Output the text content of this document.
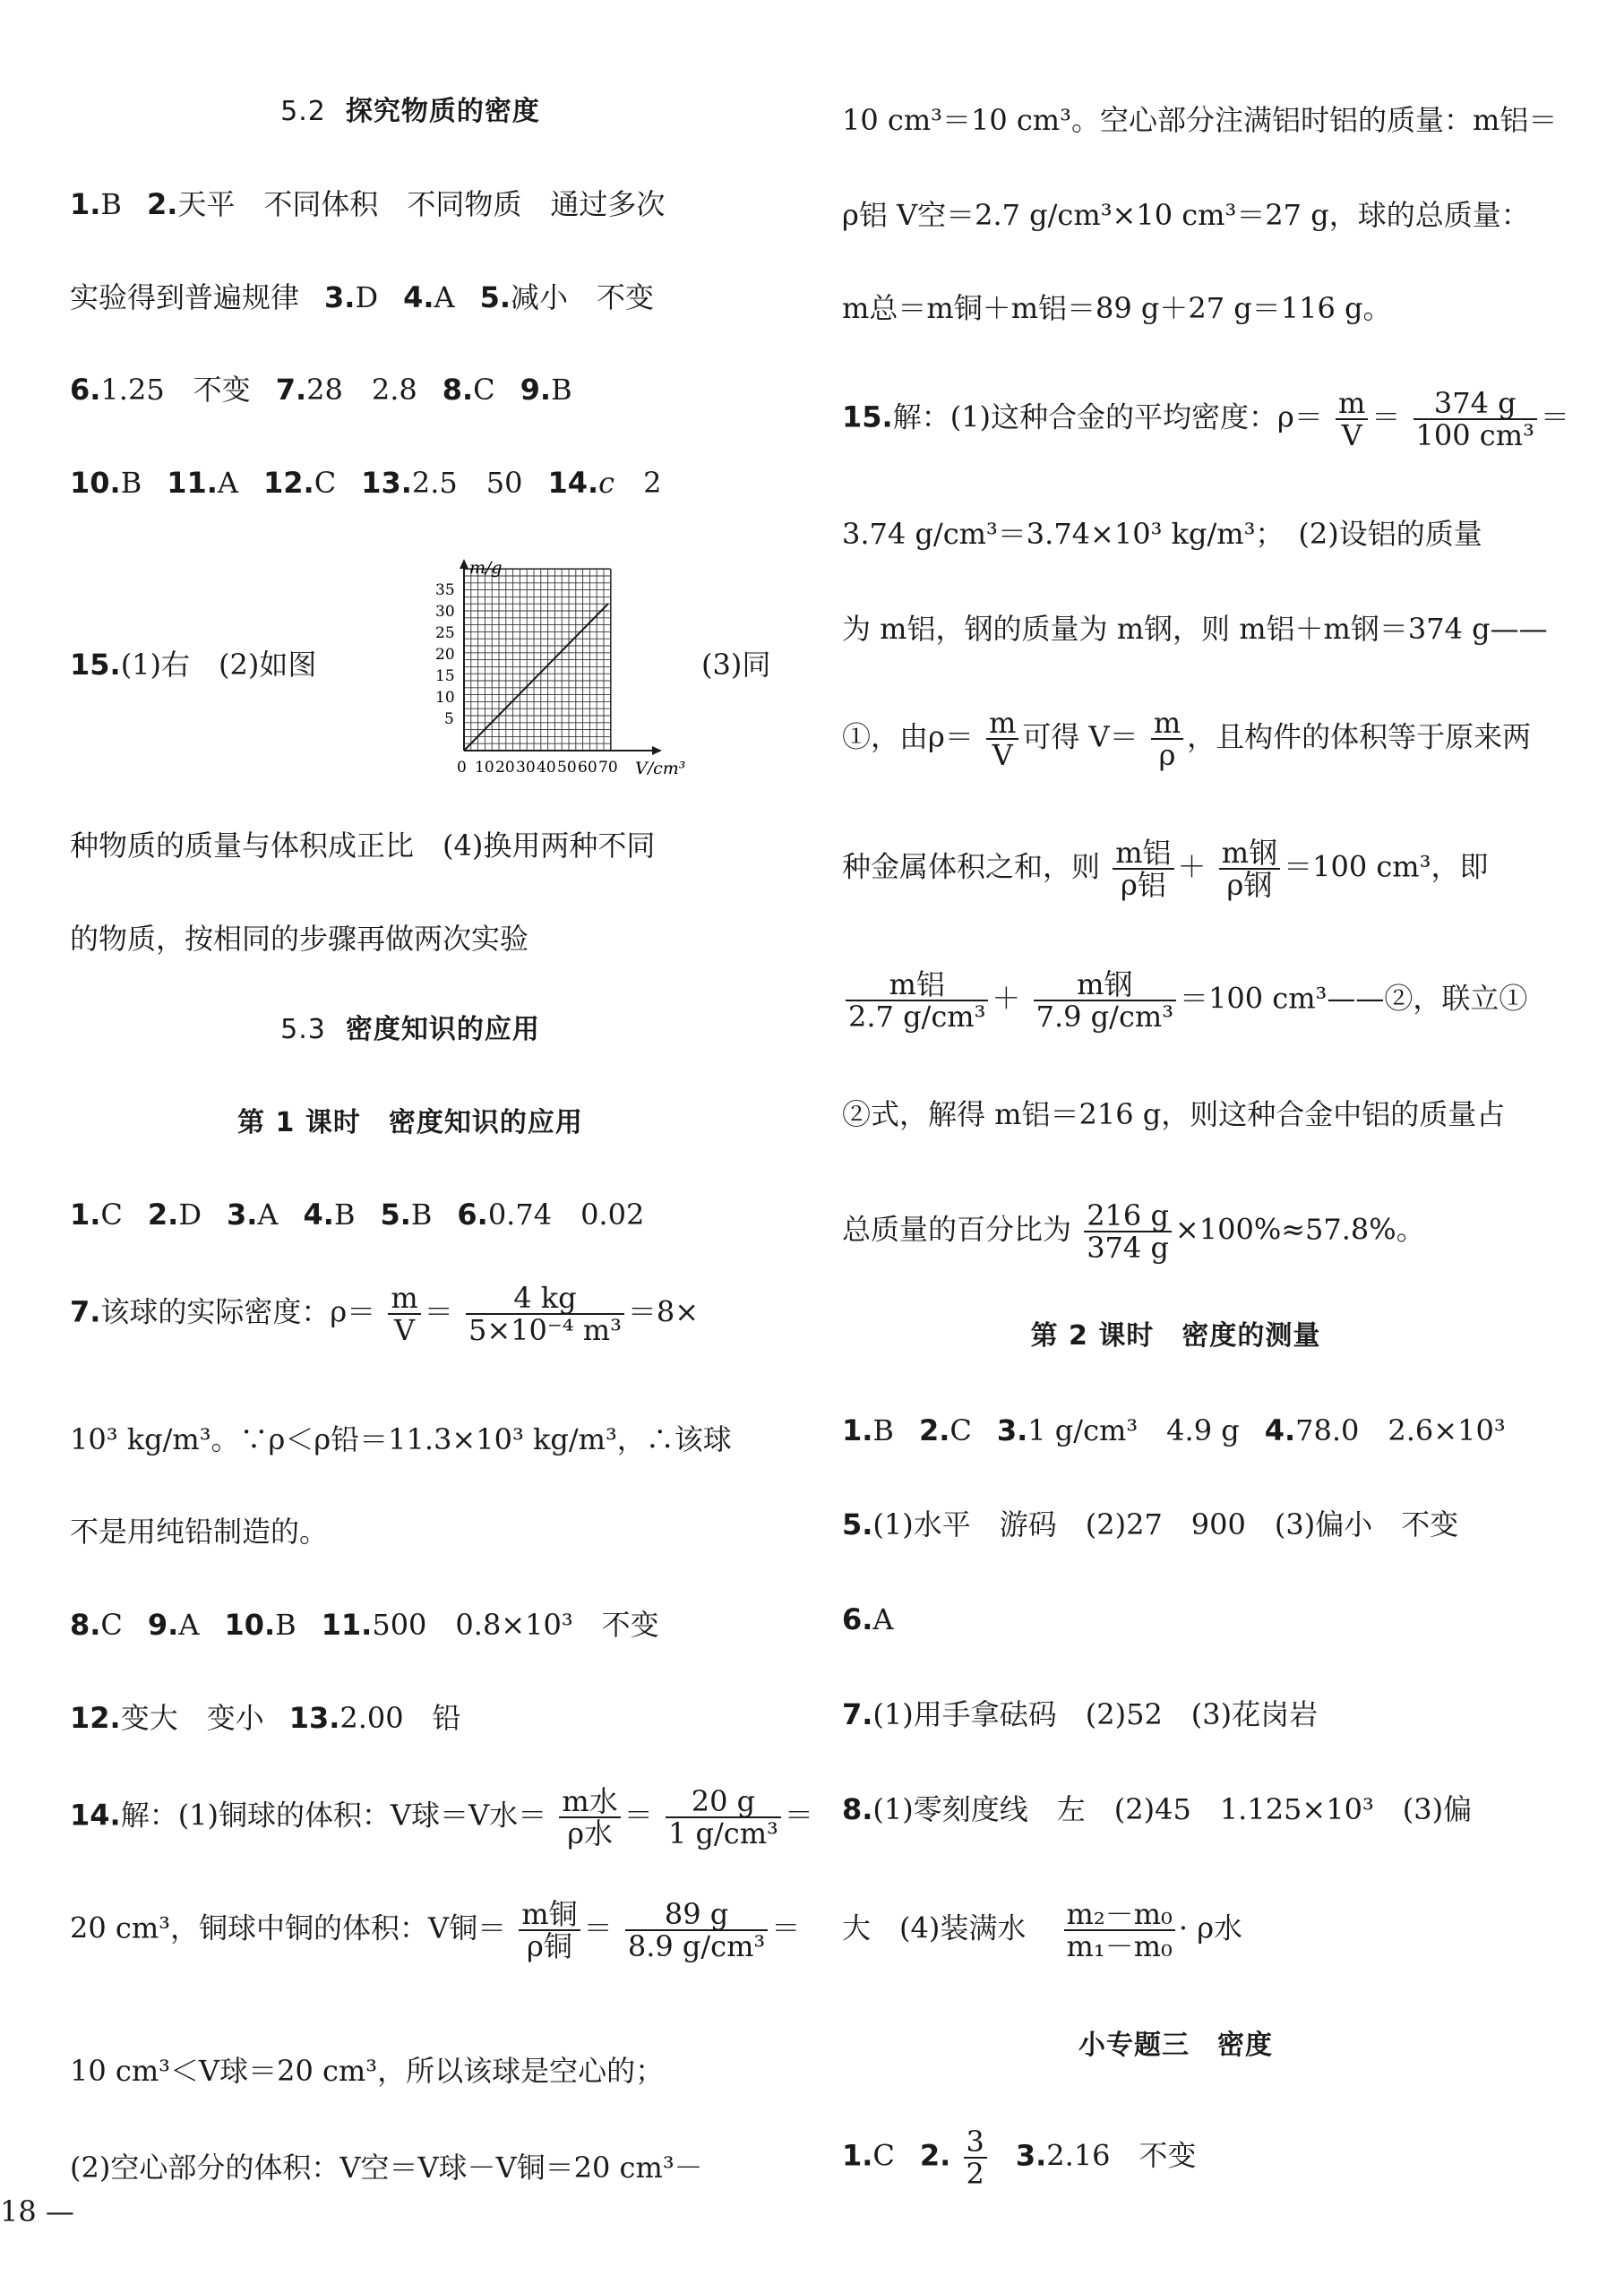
5.2 探究物质的密度
1.B 2.天平　不同体积　不同物质　通过多次
实验得到普遍规律 3.D 4.A 5.减小　不变
6.1.25　不变 7.28　2.8 8.C 9.B
10.B 11.A 12.C 13.2.5　50 14.c　 2
15.(1)右　(2)如图	(3)同
m/g
V/cm³
35
30
25
20
15
10
5
0 10 20 30 40 50 60 70
种物质的质量与体积成正比　(4)换用两种不同
的物质，按相同的步骤再做两次实验
5.3 密度知识的应用
第 1 课时　密度知识的应用
1.C 2.D 3.A 4.B 5.B 6.0.74　0.02
7.该球的实际密度：$\rho= \frac{m}{V} = \frac{4 kg}{\text{5×10⁻⁴ m³}} =8\times$
10³ kg/m³。∵ρ＜ρ铅＝11.3×10³ kg/m³，∴该球
不是用纯铅制造的。
8.C 9.A 10.B 11.500　0.8×10³　不变
12.变大　变小 13.2.00　铅
14.解：(1)铜球的体积：V球＝V水＝ $\frac{\text{m水}}{\text{ρ水}} = \frac{20 g}{\text{1 g/cm³}}$ ＝
20 cm³，铜球中铜的体积：V铜＝ $\frac{\text{m铜}}{\text{ρ铜}} = \frac{89 g}{\text{8.9 g/cm³}}$ ＝
10 cm³＜V球＝20 cm³，所以该球是空心的；
(2)空心部分的体积：V空＝V球－V铜＝20 cm³－
10 cm³＝10 cm³。空心部分注满铝时铝的质量：m铝＝
ρ铝 V空＝2.7 g/cm³×10 cm³＝27 g，球的总质量：
m总＝m铜＋m铝＝89 g＋27 g＝116 g。
15.解：(1)这种合金的平均密度：$\rho= \frac{m}{V} = \frac{374 g}{\text{100 cm³}}$ ＝
3.74 g/cm³＝3.74×10³ kg/m³；　(2)设铝的质量
为 m铝，钢的质量为 m钢，则 m铝＋m钢＝374 g——
①，由$\rho= \frac{m}{V}$ 可得 $V= \frac{m}{\rho}$ ，且构件的体积等于原来两
种金属体积之和，则 $\frac{\text{m铝}}{\text{ρ铝}} + \frac{\text{m钢}}{\text{ρ钢}} =100$ cm³，即
$\frac{\text{m铝}}{\text{2.7 g/cm³}} + \frac{\text{m钢}}{\text{7.9 g/cm³}} =100$ cm³——②，联立①
②式，解得 m铝＝216 g，则这种合金中铝的质量占
总质量的百分比为 $\frac{216 g}{374 g} \times 100\%\approx 57.8\%$。
第 2 课时　密度的测量
1.B 2.C 3.1 g/cm³　4.9 g 4.78.0　2.6×10³
5.(1)水平　游码　(2)27　900　(3)偏小　不变
6.A
7.(1)用手拿砝码　(2)52　(3)花岗岩
8.(1)零刻度线　左　(2)45　1.125×10³　(3)偏
大　(4)装满水 $\frac{\text{m₂－m₀}}{\text{m₁－m₀}} \cdot \rho$水
小专题三　密度
1.C 2. $\frac{3}{2} 3.2.16$　不变
18 —
